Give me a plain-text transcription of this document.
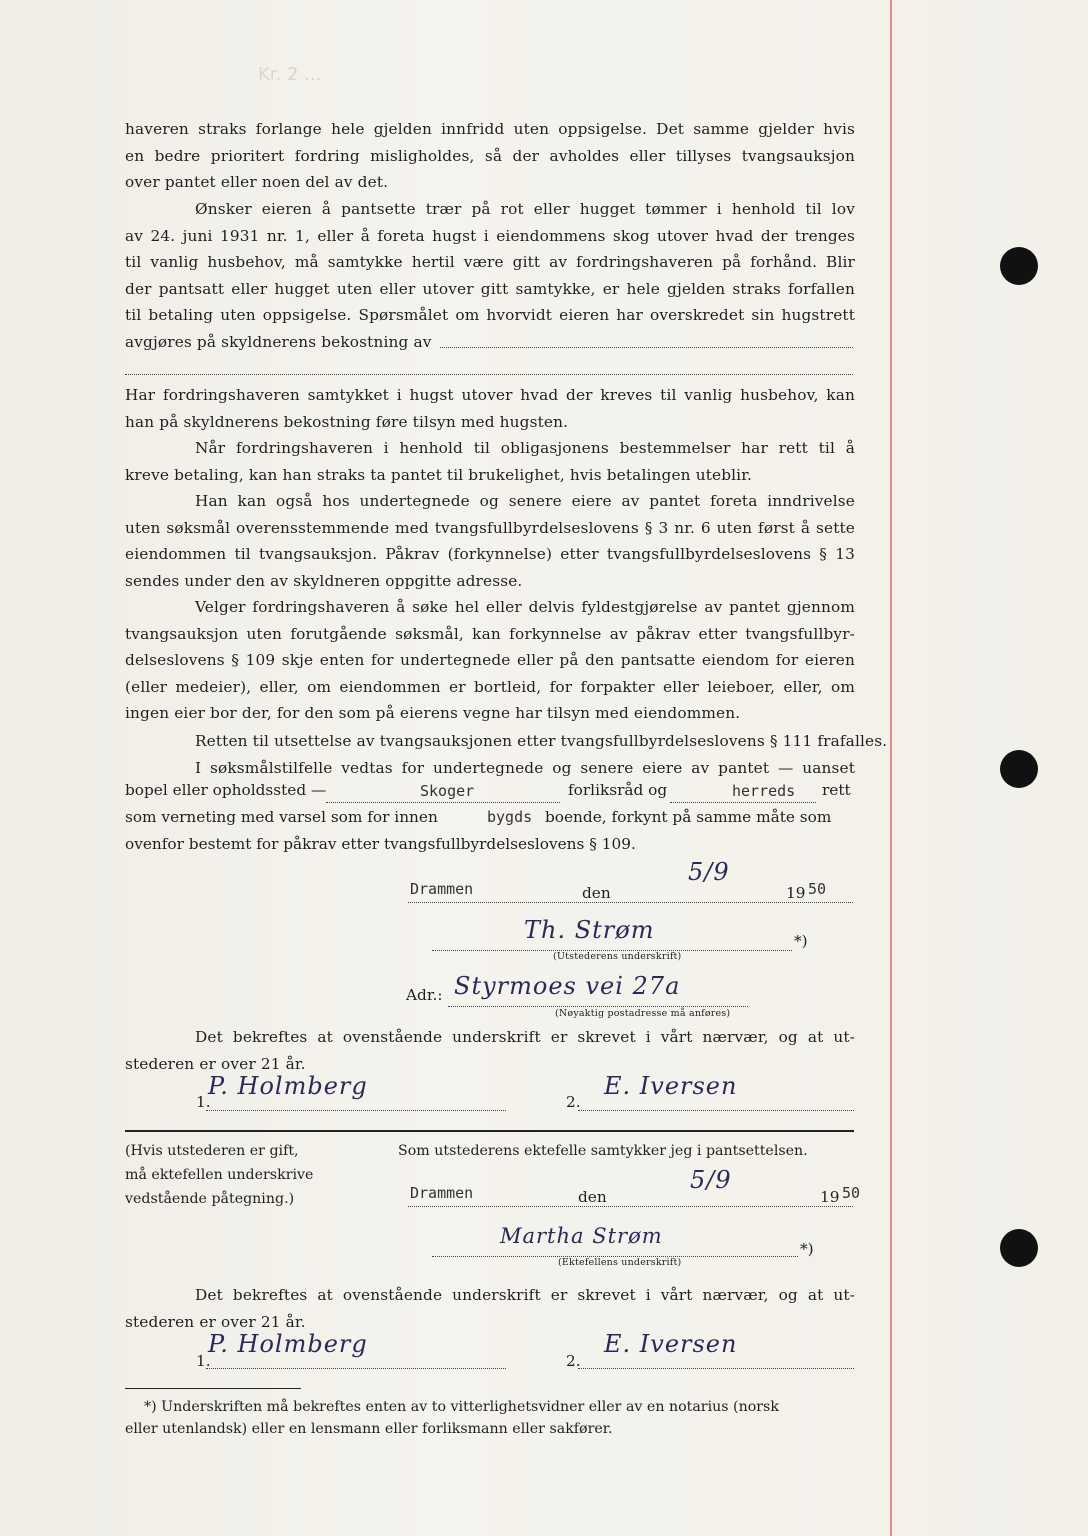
Kr. 2 ...
haveren straks forlange hele gjelden innfridd uten oppsigelse. Det samme gjelder hvis
en bedre prioritert fordring misligholdes, så der avholdes eller tillyses tvangsauksjon
over pantet eller noen del av det.
Ønsker eieren å pantsette trær på rot eller hugget tømmer i henhold til lov
av 24. juni 1931 nr. 1, eller å foreta hugst i eiendommens skog utover hvad der trenges
til vanlig husbehov, må samtykke hertil være gitt av fordringshaveren på forhånd. Blir
der pantsatt eller hugget uten eller utover gitt samtykke, er hele gjelden straks forfallen
til betaling uten oppsigelse. Spørsmålet om hvorvidt eieren har overskredet sin hugstrett
avgjøres på skyldnerens bekostning av
Har fordringshaveren samtykket i hugst utover hvad der kreves til vanlig husbehov, kan
han på skyldnerens bekostning føre tilsyn med hugsten.
Når fordringshaveren i henhold til obligasjonens bestemmelser har rett til å
kreve betaling, kan han straks ta pantet til brukelighet, hvis betalingen uteblir.
Han kan også hos undertegnede og senere eiere av pantet foreta inndrivelse
uten søksmål overensstemmende med tvangsfullbyrdelseslovens § 3 nr. 6 uten først å sette
eiendommen til tvangsauksjon. Påkrav (forkynnelse) etter tvangsfullbyrdelseslovens § 13
sendes under den av skyldneren oppgitte adresse.
Velger fordringshaveren å søke hel eller delvis fyldestgjørelse av pantet gjennom
tvangsauksjon uten forutgående søksmål, kan forkynnelse av påkrav etter tvangsfullbyr-
delseslovens § 109 skje enten for undertegnede eller på den pantsatte eiendom for eieren
(eller medeier), eller, om eiendommen er bortleid, for forpakter eller leieboer, eller, om
ingen eier bor der, for den som på eierens vegne har tilsyn med eiendommen.
Retten til utsettelse av tvangsauksjonen etter tvangsfullbyrdelseslovens § 111 frafalles.
I søksmålstilfelle vedtas for undertegnede og senere eiere av pantet — uanset
bopel eller opholdssted —	Skoger	forliksråd og	herreds rett
som verneting med varsel som for innen	bygds boende, forkynt på samme måte som
ovenfor bestemt for påkrav etter tvangsfullbyrdelseslovens § 109.
Drammen	den
5/9
19 50
Th. Strøm	*)
(Utstederens underskrift)
Adr.: Styrmoes vei 27a
(Nøyaktig postadresse må anføres)
Det bekreftes at ovenstående underskrift er skrevet i vårt nærvær, og at ut-
stederen er over 21 år.
1.
P. Holmberg
2.
E. Iversen
(Hvis utstederen er gift,
må ektefellen underskrive
vedstående påtegning.)
Som utstederens ektefelle samtykker jeg i pantsettelsen.
Drammen	den
5/9
19 50
Martha Strøm
*)
(Ektefellens underskrift)
Det bekreftes at ovenstående underskrift er skrevet i vårt nærvær, og at ut-
stederen er over 21 år.
1.
P. Holmberg
2.
E. Iversen
*) Underskriften må bekreftes enten av to vitterlighetsvidner eller av en notarius (norsk
eller utenlandsk) eller en lensmann eller forliksmann eller sakfører.
